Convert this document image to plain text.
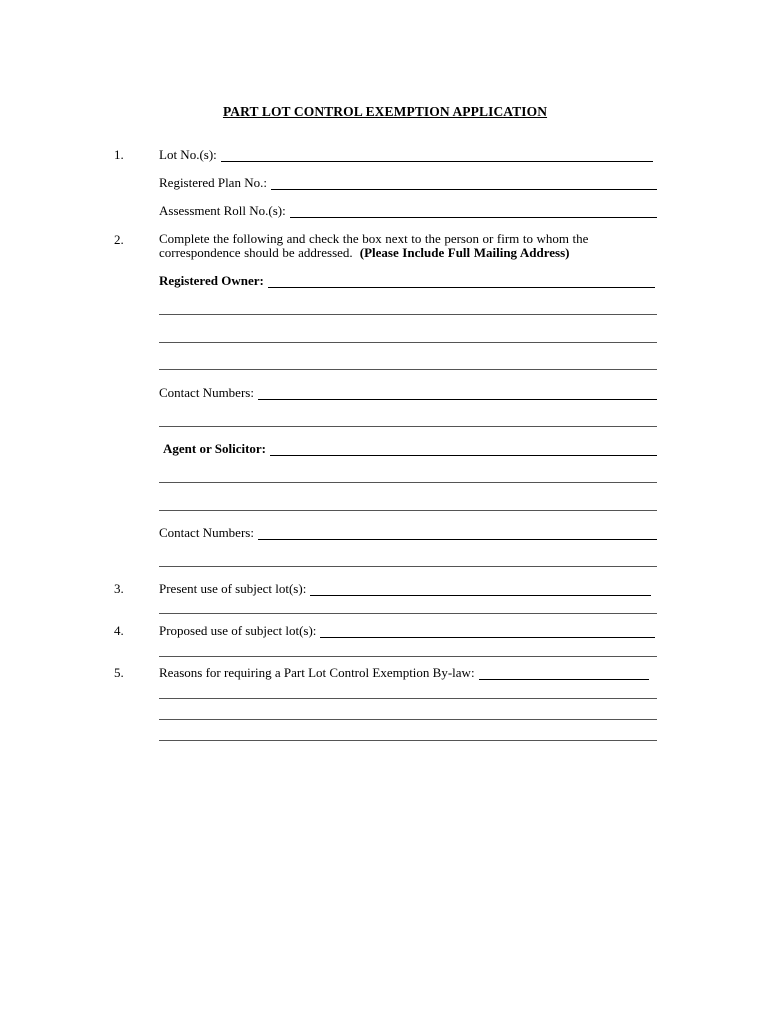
PART LOT CONTROL EXEMPTION APPLICATION
1.	Lot No.(s):
Registered Plan No.:
Assessment Roll No.(s):
2.	Complete the following and check the box next to the person or firm to whom the
correspondence should be addressed. (Please Include Full Mailing Address)
Registered Owner:
Contact Numbers:
Agent or Solicitor:
Contact Numbers:
3.	Present use of subject lot(s):
4.	Proposed use of subject lot(s):
5.	Reasons for requiring a Part Lot Control Exemption By-law:
